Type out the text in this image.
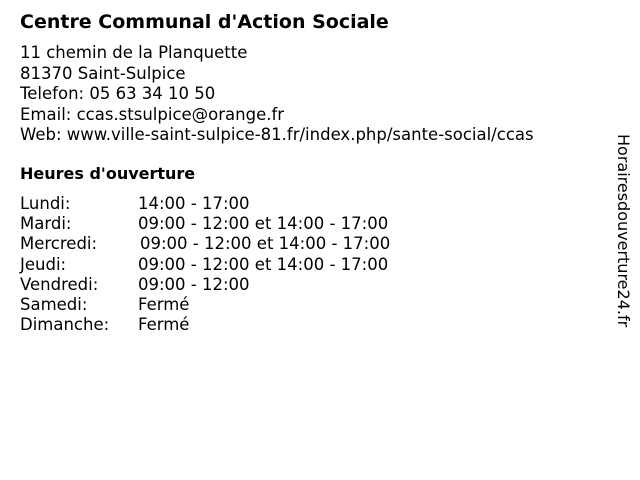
Centre Communal d'Action Sociale
11 chemin de la Planquette
81370 Saint-Sulpice
Telefon: 05 63 34 10 50
Email: ccas.stsulpice@orange.fr
Web: www.ville-saint-sulpice-81.fr/index.php/sante-social/ccas
Heures d'ouverture
Lundi:	14:00 - 17:00
Mardi:	09:00 - 12:00 et 14:00 - 17:00
Mercredi:	09:00 - 12:00 et 14:00 - 17:00
Jeudi:	09:00 - 12:00 et 14:00 - 17:00
Vendredi: 09:00 - 12:00
Samedi:	Fermé
Dimanche: Fermé	Horairesdouverture24.fr
